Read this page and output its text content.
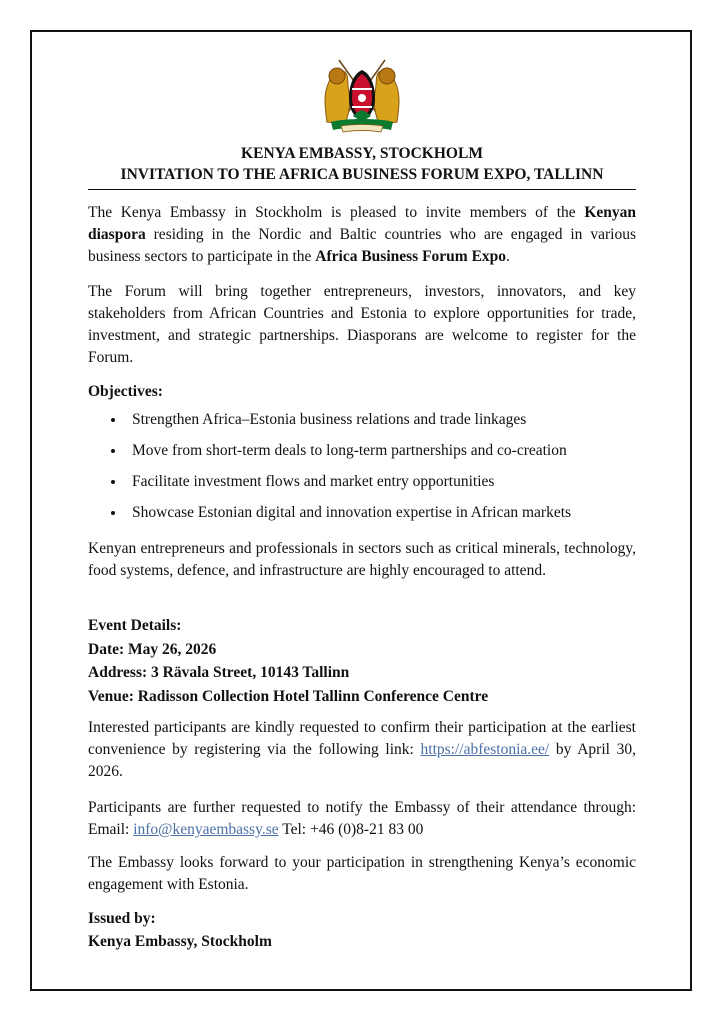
KENYA EMBASSY, STOCKHOLM
INVITATION TO THE AFRICA BUSINESS FORUM EXPO, TALLINN
The Kenya Embassy in Stockholm is pleased to invite members of the Kenyan diaspora residing in the Nordic and Baltic countries who are engaged in various business sectors to participate in the Africa Business Forum Expo.
The Forum will bring together entrepreneurs, investors, innovators, and key stakeholders from African Countries and Estonia to explore opportunities for trade, investment, and strategic partnerships. Diasporans are welcome to register for the Forum.
Objectives:
Strengthen Africa–Estonia business relations and trade linkages
Move from short-term deals to long-term partnerships and co-creation
Facilitate investment flows and market entry opportunities
Showcase Estonian digital and innovation expertise in African markets
Kenyan entrepreneurs and professionals in sectors such as critical minerals, technology, food systems, defence, and infrastructure are highly encouraged to attend.
Event Details:
Date: May 26, 2026
Address: 3 Rävala Street, 10143 Tallinn
Venue: Radisson Collection Hotel Tallinn Conference Centre
Interested participants are kindly requested to confirm their participation at the earliest convenience by registering via the following link: https://abfestonia.ee/ by April 30, 2026.
Participants are further requested to notify the Embassy of their attendance through: Email: info@kenyaembassy.se Tel: +46 (0)8-21 83 00
The Embassy looks forward to your participation in strengthening Kenya’s economic engagement with Estonia.
Issued by:
Kenya Embassy, Stockholm
